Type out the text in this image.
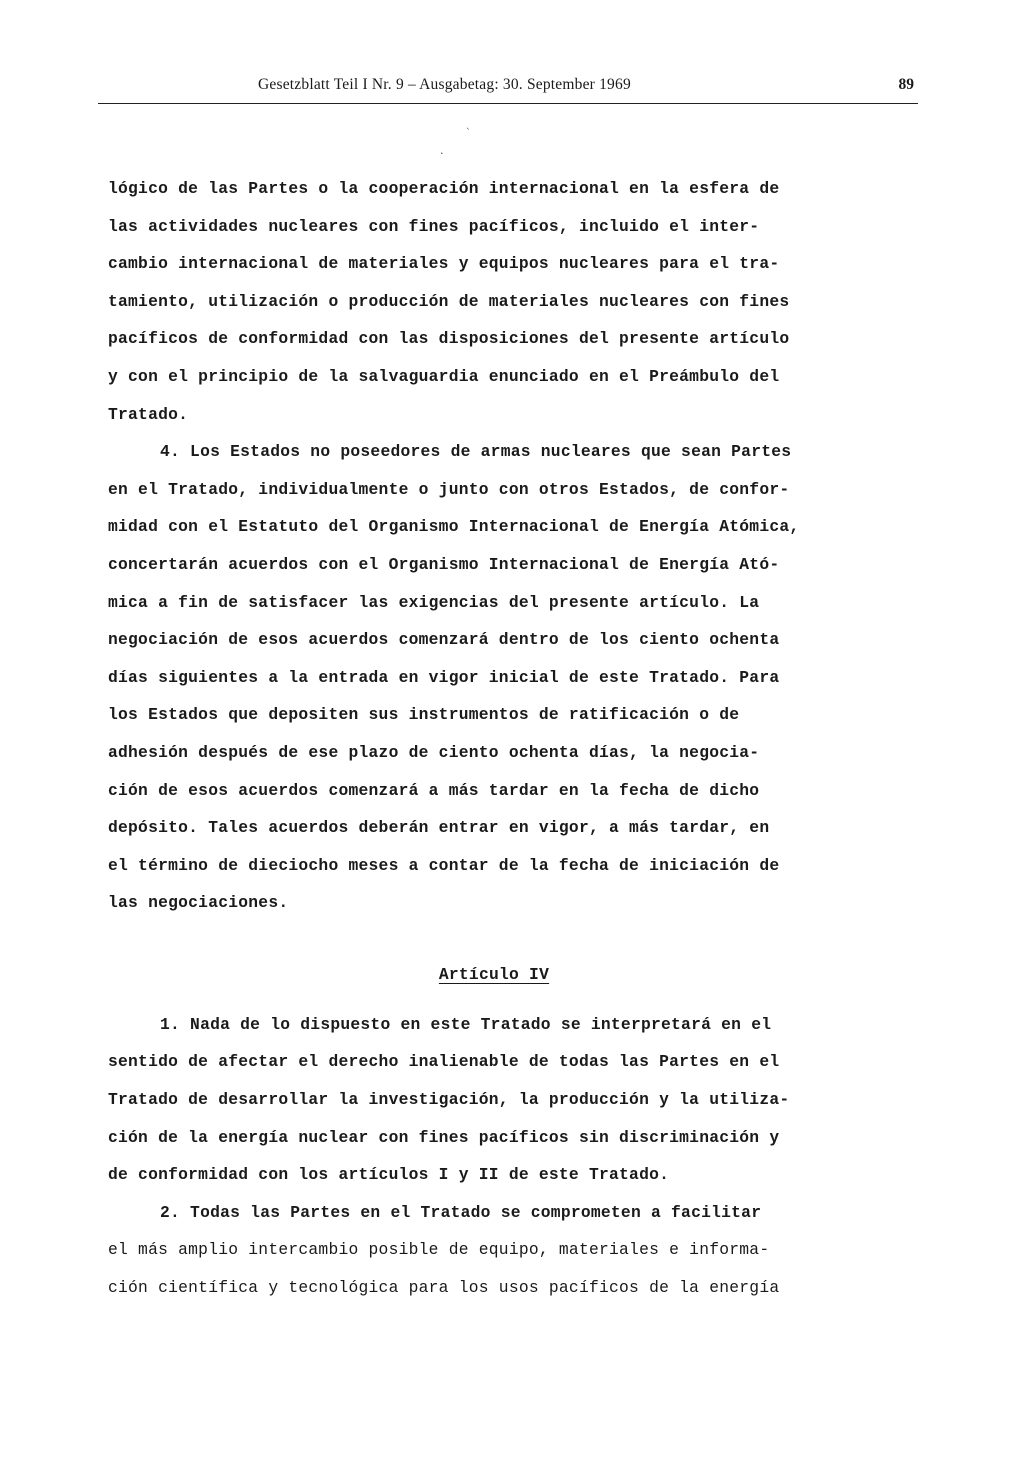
Gesetzblatt Teil I Nr. 9 – Ausgabetag: 30. September 1969	89
·
`
lógico de las Partes o la cooperación internacional en la esfera de
las actividades nucleares con fines pacíficos, incluido el inter-
cambio internacional de materiales y equipos nucleares para el tra-
tamiento, utilización o producción de materiales nucleares con fines
pacíficos de conformidad con las disposiciones del presente artículo
y con el principio de la salvaguardia enunciado en el Preámbulo del
Tratado.
4. Los Estados no poseedores de armas nucleares que sean Partes
en el Tratado, individualmente o junto con otros Estados, de confor-
midad con el Estatuto del Organismo Internacional de Energía Atómica,
concertarán acuerdos con el Organismo Internacional de Energía Ató-
mica a fin de satisfacer las exigencias del presente artículo. La
negociación de esos acuerdos comenzará dentro de los ciento ochenta
días siguientes a la entrada en vigor inicial de este Tratado. Para
los Estados que depositen sus instrumentos de ratificación o de
adhesión después de ese plazo de ciento ochenta días, la negocia-
ción de esos acuerdos comenzará a más tardar en la fecha de dicho
depósito. Tales acuerdos deberán entrar en vigor, a más tardar, en
el término de dieciocho meses a contar de la fecha de iniciación de
las negociaciones.
Artículo IV
1. Nada de lo dispuesto en este Tratado se interpretará en el
sentido de afectar el derecho inalienable de todas las Partes en el
Tratado de desarrollar la investigación, la producción y la utiliza-
ción de la energía nuclear con fines pacíficos sin discriminación y
de conformidad con los artículos I y II de este Tratado.
2. Todas las Partes en el Tratado se comprometen a facilitar
el más amplio intercambio posible de equipo, materiales e informa-
ción científica y tecnológica para los usos pacíficos de la energía
